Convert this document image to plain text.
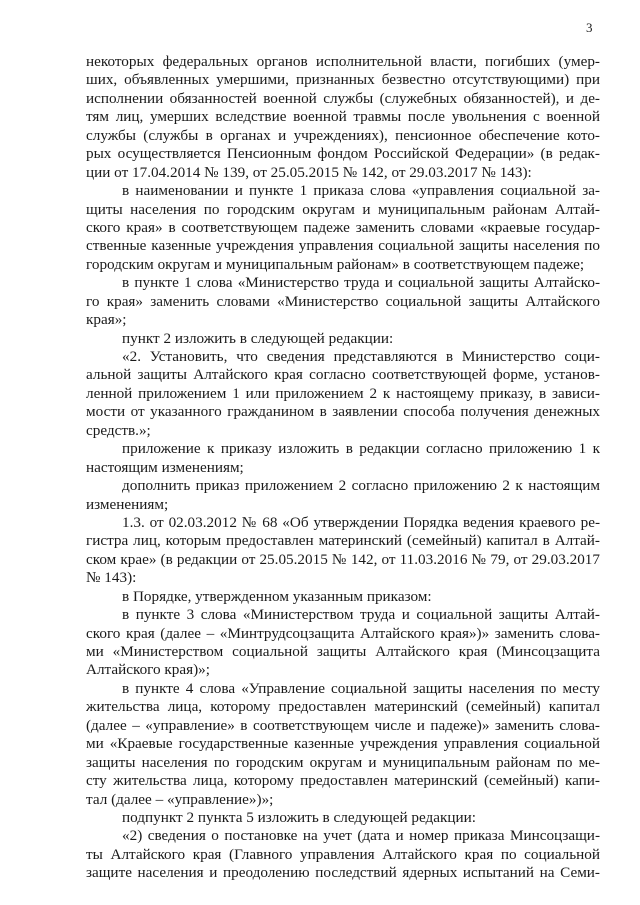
3
некоторых федеральных органов исполнительной власти, погибших (умер-
ших, объявленных умершими, признанных безвестно отсутствующими) при
исполнении обязанностей военной службы (служебных обязанностей), и де-
тям лиц, умерших вследствие военной травмы после увольнения с военной
службы (службы в органах и учреждениях), пенсионное обеспечение кото-
рых осуществляется Пенсионным фондом Российской Федерации» (в редак-
ции от 17.04.2014 № 139, от 25.05.2015 № 142, от 29.03.2017 № 143):
в наименовании и пункте 1 приказа слова «управления социальной за-
щиты населения по городским округам и муниципальным районам Алтай-
ского края» в соответствующем падеже заменить словами «краевые государ-
ственные казенные учреждения управления социальной защиты населения по
городским округам и муниципальным районам» в соответствующем падеже;
в пункте 1 слова «Министерство труда и социальной защиты Алтайско-
го края» заменить словами «Министерство социальной защиты Алтайского
края»;
пункт 2 изложить в следующей редакции:
«2. Установить, что сведения представляются в Министерство соци-
альной защиты Алтайского края согласно соответствующей форме, установ-
ленной приложением 1 или приложением 2 к настоящему приказу, в зависи-
мости от указанного гражданином в заявлении способа получения денежных
средств.»;
приложение к приказу изложить в редакции согласно приложению 1 к
настоящим изменениям;
дополнить приказ приложением 2 согласно приложению 2 к настоящим
изменениям;
1.3. от 02.03.2012 № 68 «Об утверждении Порядка ведения краевого ре-
гистра лиц, которым предоставлен материнский (семейный) капитал в Алтай-
ском крае» (в редакции от 25.05.2015 № 142, от 11.03.2016 № 79, от 29.03.2017
№ 143):
в Порядке, утвержденном указанным приказом:
в пункте 3 слова «Министерством труда и социальной защиты Алтай-
ского края (далее – «Минтрудсоцзащита Алтайского края»)» заменить слова-
ми «Министерством социальной защиты Алтайского края (Минсоцзащита
Алтайского края)»;
в пункте 4 слова «Управление социальной защиты населения по месту
жительства лица, которому предоставлен материнский (семейный) капитал
(далее – «управление» в соответствующем числе и падеже)» заменить слова-
ми «Краевые государственные казенные учреждения управления социальной
защиты населения по городским округам и муниципальным районам по ме-
сту жительства лица, которому предоставлен материнский (семейный) капи-
тал (далее – «управление»)»;
подпункт 2 пункта 5 изложить в следующей редакции:
«2) сведения о постановке на учет (дата и номер приказа Минсоцзащи-
ты Алтайского края (Главного управления Алтайского края по социальной
защите населения и преодолению последствий ядерных испытаний на Семи-
